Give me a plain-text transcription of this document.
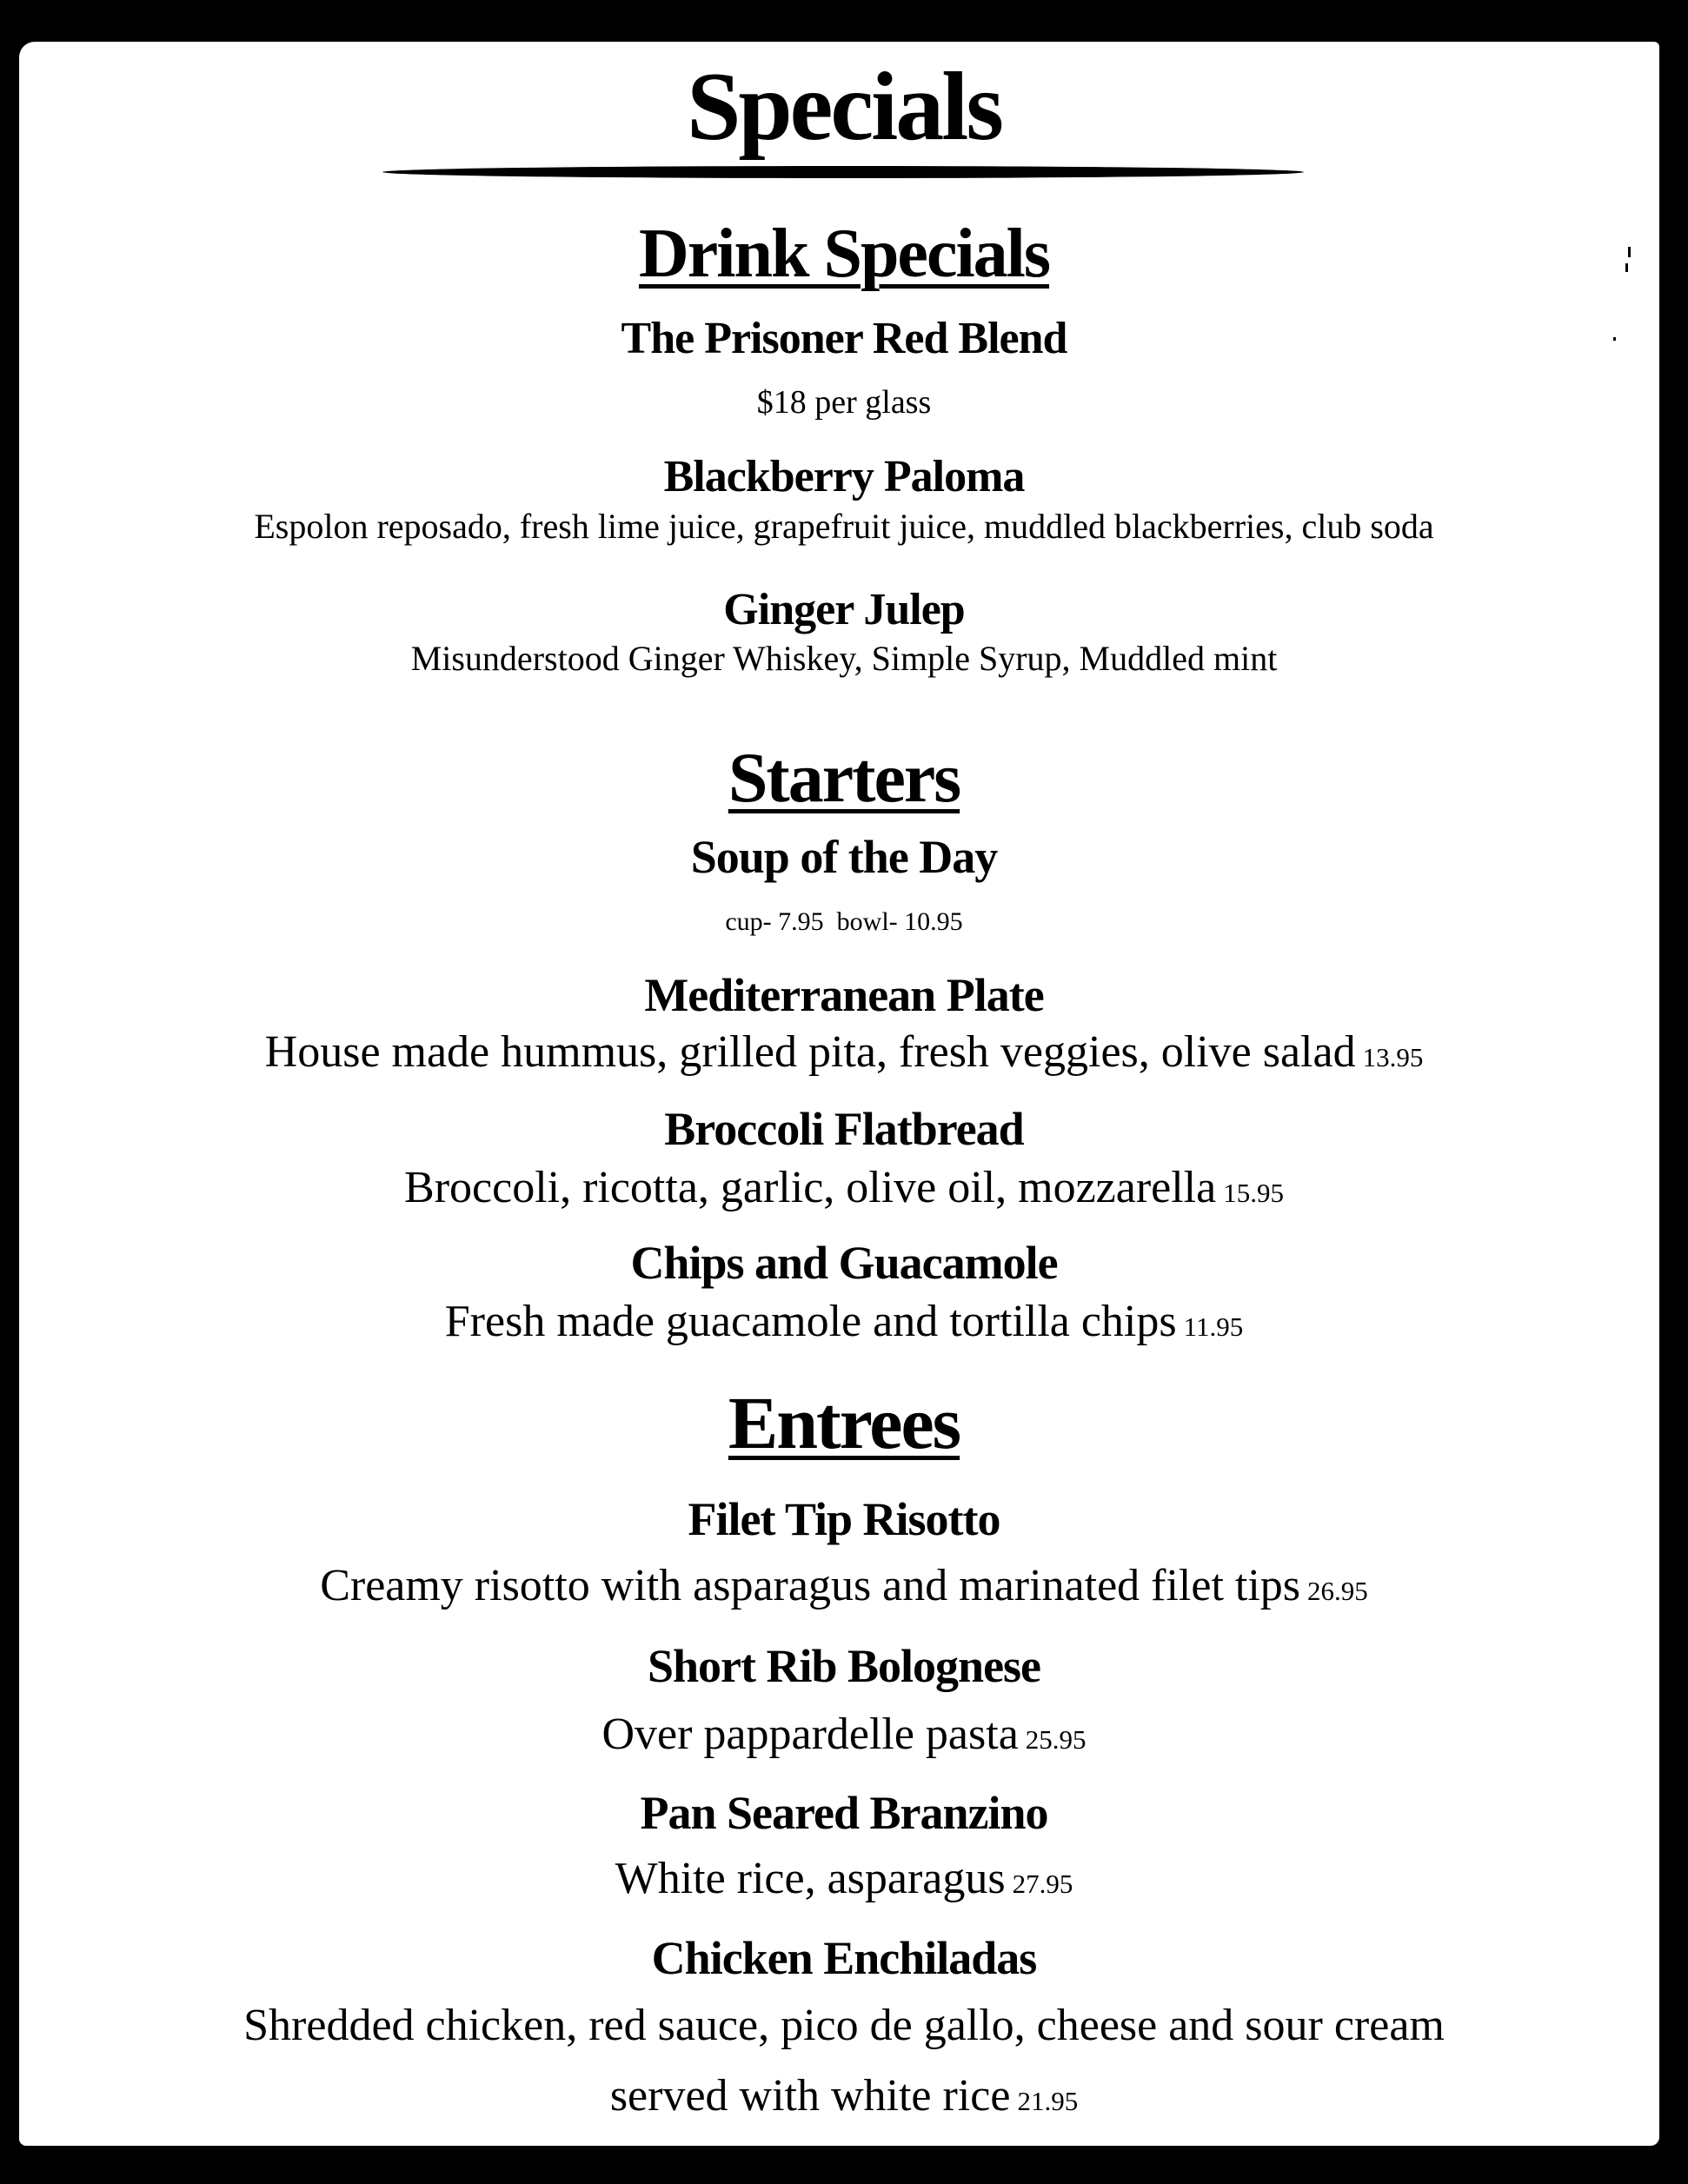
Specials
Drink Specials
The Prisoner Red Blend
$18 per glass
Blackberry Paloma
Espolon reposado, fresh lime juice, grapefruit juice, muddled blackberries, club soda
Ginger Julep
Misunderstood Ginger Whiskey, Simple Syrup, Muddled mint
Starters
Soup of the Day
cup- 7.95  bowl- 10.95
Mediterranean Plate
House made hummus, grilled pita, fresh veggies, olive salad 13.95
Broccoli Flatbread
Broccoli, ricotta, garlic, olive oil, mozzarella 15.95
Chips and Guacamole
Fresh made guacamole and tortilla chips 11.95
Entrees
Filet Tip Risotto
Creamy risotto with asparagus and marinated filet tips 26.95
Short Rib Bolognese
Over pappardelle pasta 25.95
Pan Seared Branzino
White rice, asparagus 27.95
Chicken Enchiladas
Shredded chicken, red sauce, pico de gallo, cheese and sour cream
served with white rice 21.95
